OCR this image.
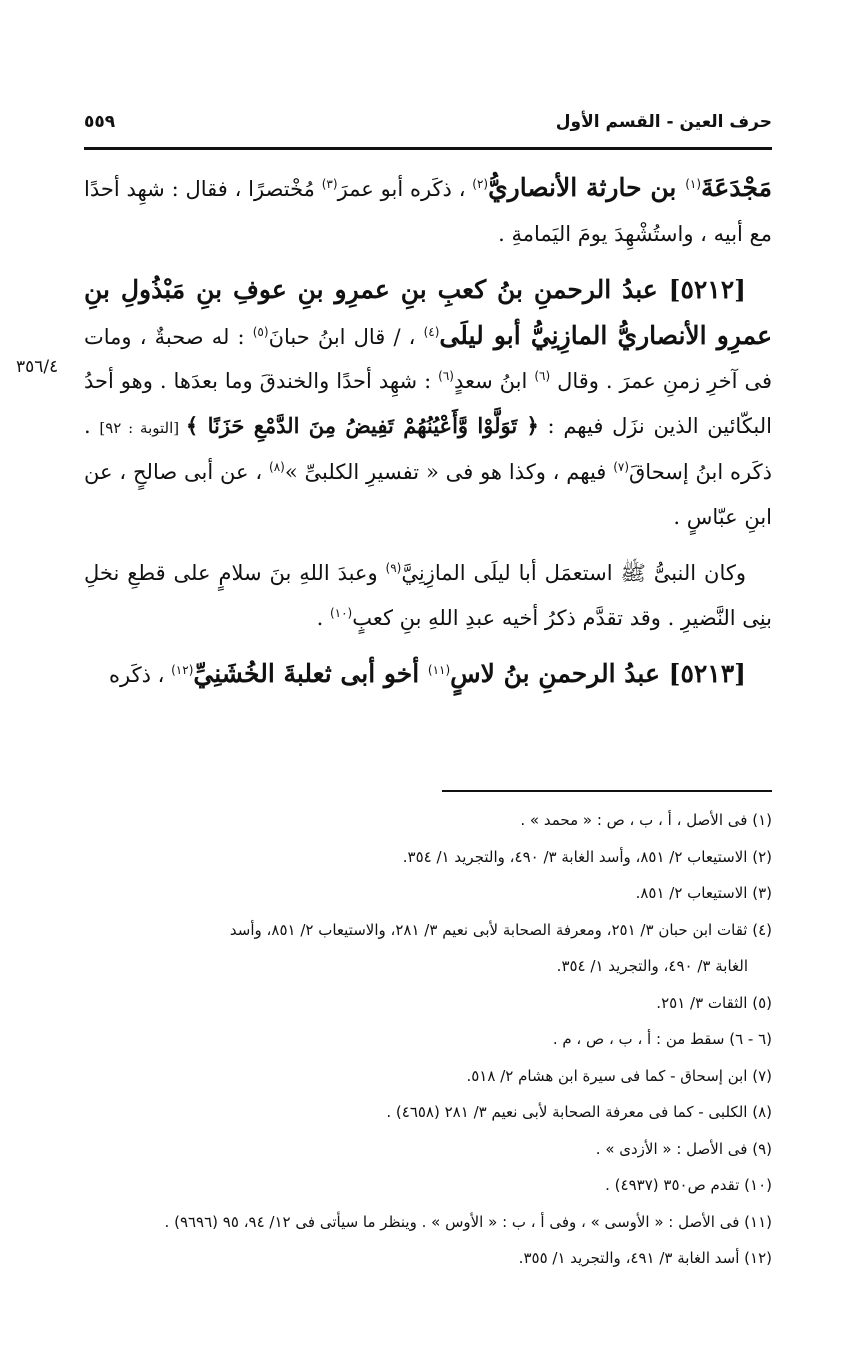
حرف العين - القسم الأول
٥٥٩
٣٥٦/٤

مَجْدَعَةَ$^{(١)}$ بن حارثة الأنصاريُّ$^{(٢)}$ ، ذكَره أبو عمرَ$^{(٣)}$ مُخْتصرًا ، فقال : شهِد أحدًا مع أبيه ، واستُشْهِدَ يومَ اليَمامةِ .

[٥٢١٢] عبدُ الرحمنِ بنُ كعبِ بنِ عمرِو بنِ عوفِ بنِ مَبْذُولِ بنِ عمرِو الأنصاريُّ المازِنِيُّ أبو ليلَى$^{(٤)}$ ، / قال ابنُ حبانَ$^{(٥)}$ : له صحبةٌ ، ومات فى آخرِ زمنِ عمرَ . وقال $^{(٦)}$ ابنُ سعدٍ$^{(٦)}$ : شهِد أحدًا والخندقَ وما بعدَها . وهو أحدُ البكّائين الذين نزَل فيهم : ﴿ تَوَلَّوْا وَّأَعْيُنُهُمْ تَفِيضُ مِنَ الدَّمْعِ حَزَنًا ﴾ [التوبة : ٩٢] . ذكَره ابنُ إسحاقَ$^{(٧)}$ فيهم ، وكذا هو فى « تفسيرِ الكلبىِّ »$^{(٨)}$ ، عن أبى صالحٍ ، عن ابنِ عبّاسٍ .

وكان النبىُّ ﷺ استعمَل أبا ليلَى المازِنِيَّ$^{(٩)}$ وعبدَ اللهِ بنَ سلامٍ على قطعِ نخلِ بنِى النَّضيرِ . وقد تقدَّم ذكرُ أخيه عبدِ اللهِ بنِ كعبٍ$^{(١٠)}$ .

[٥٢١٣] عبدُ الرحمنِ بنُ لاسٍ$^{(١١)}$ أخو أبى ثعلبةَ الخُشَنِيِّ$^{(١٢)}$ ، ذكَره

(١) فى الأصل ، أ ، ب ، ص : « محمد » .

(٢) الاستيعاب ٢/ ٨٥١، وأسد الغابة ٣/ ٤٩٠، والتجريد ١/ ٣٥٤.

(٣) الاستيعاب ٢/ ٨٥١.

(٤) ثقات ابن حبان ٣/ ٢٥١، ومعرفة الصحابة لأبى نعيم ٣/ ٢٨١، والاستيعاب ٢/ ٨٥١، وأسد

الغابة ٣/ ٤٩٠، والتجريد ١/ ٣٥٤.

(٥) الثقات ٣/ ٢٥١.

(٦ - ٦) سقط من : أ ، ب ، ص ، م .

(٧) ابن إسحاق - كما فى سيرة ابن هشام ٢/ ٥١٨.

(٨) الكلبى - كما فى معرفة الصحابة لأبى نعيم ٣/ ٢٨١ (٤٦٥٨) .

(٩) فى الأصل : « الأزدى » .

(١٠) تقدم ص٣٥٠ (٤٩٣٧) .

(١١) فى الأصل : « الأوسى » ، وفى أ ، ب : « الأوس » . وينظر ما سيأتى فى ١٢/ ٩٤، ٩٥ (٩٦٩٦) .

(١٢) أسد الغابة ٣/ ٤٩١، والتجريد ١/ ٣٥٥.
